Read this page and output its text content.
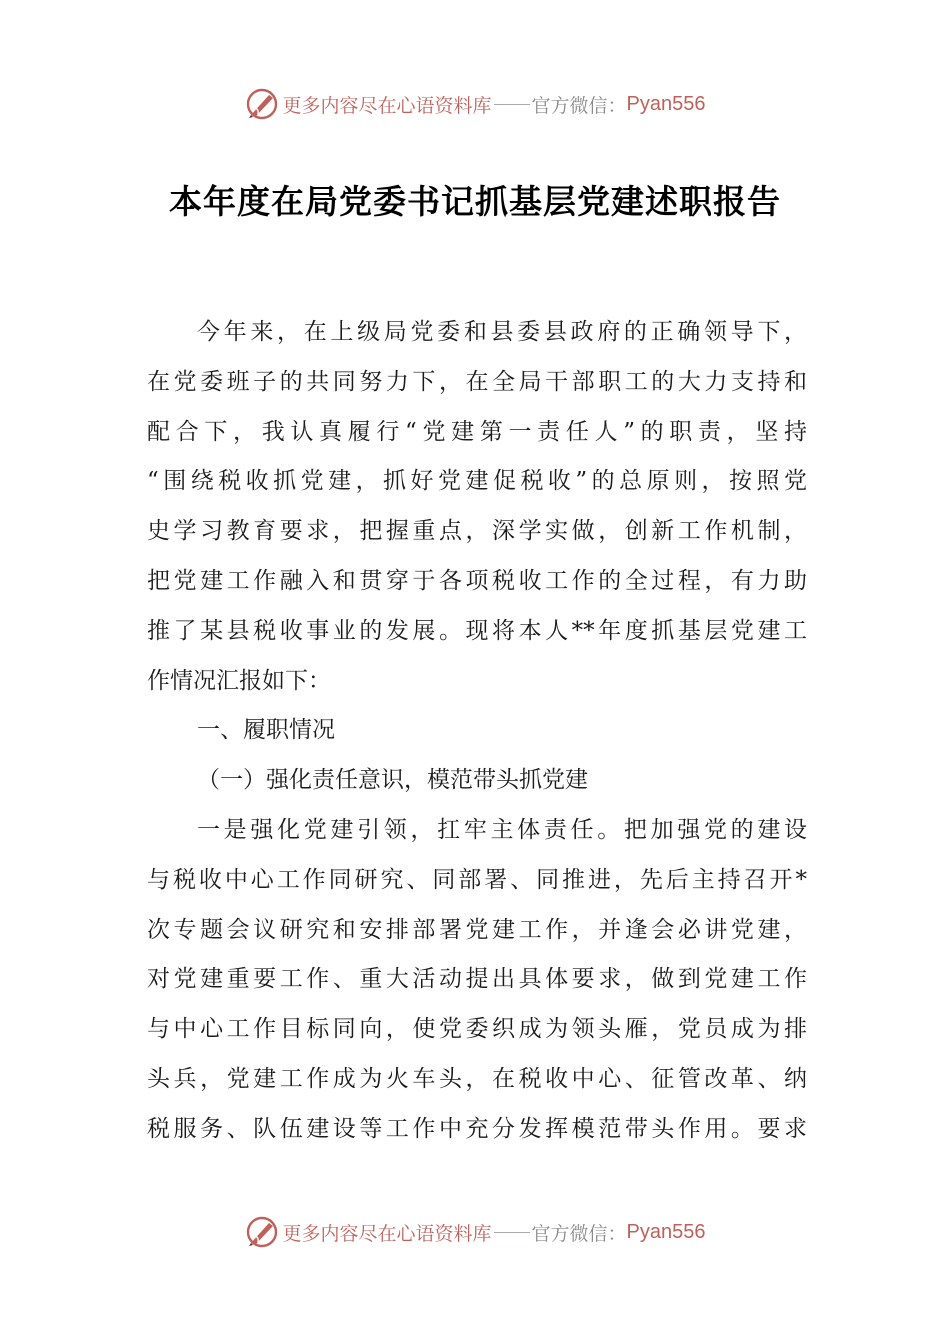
更多内容尽在心语资料库 官方微信： Pyan556
本年度在局党委书记抓基层党建述职报告
今年来，在上级局党委和县委县政府的正确领导下，
在党委班子的共同努力下，在全局干部职工的大力支持和
配合下，我认真履行“党建第一责任人”的职责，坚持
“围绕税收抓党建，抓好党建促税收”的总原则，按照党
史学习教育要求，把握重点，深学实做，创新工作机制，
把党建工作融入和贯穿于各项税收工作的全过程，有力助
推了某县税收事业的发展。现将本人**年度抓基层党建工
作情况汇报如下：
一、履职情况
（一）强化责任意识，模范带头抓党建
一是强化党建引领，扛牢主体责任。把加强党的建设
与税收中心工作同研究、同部署、同推进，先后主持召开*
次专题会议研究和安排部署党建工作，并逢会必讲党建，
对党建重要工作、重大活动提出具体要求，做到党建工作
与中心工作目标同向，使党委织成为领头雁，党员成为排
头兵，党建工作成为火车头，在税收中心、征管改革、纳
税服务、队伍建设等工作中充分发挥模范带头作用。要求
更多内容尽在心语资料库 官方微信： Pyan556
